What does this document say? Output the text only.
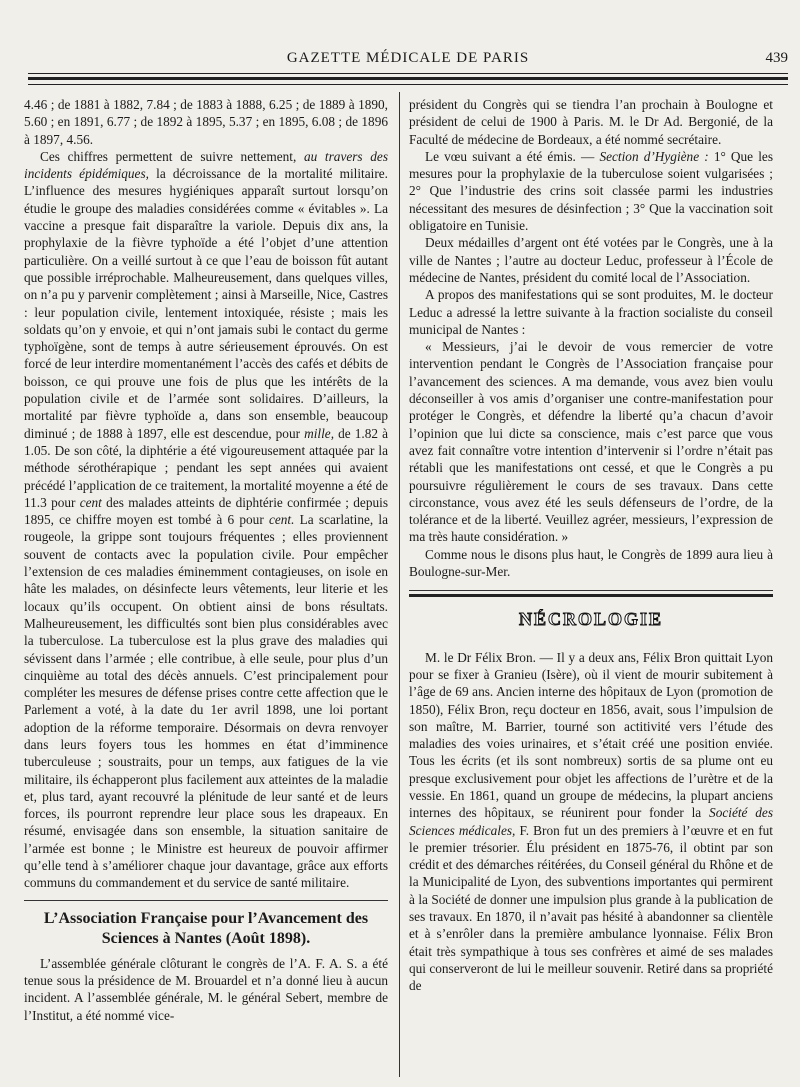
GAZETTE MÉDICALE DE PARIS	439

4.46 ; de 1881 à 1882, 7.84 ; de 1883 à 1888, 6.25 ; de 1889 à 1890, 5.60 ; en 1891, 6.77 ; de 1892 à 1895, 5.37 ; en 1895, 6.08 ; de 1896 à 1897, 4.56.

Ces chiffres permettent de suivre nettement, au travers des incidents épidémiques, la décroissance de la mortalité militaire. L’influence des mesures hygiéniques apparaît surtout lorsqu’on étudie le groupe des maladies considérées comme « évitables ». La vaccine a presque fait disparaître la variole. Depuis dix ans, la prophylaxie de la fièvre typhoïde a été l’objet d’une attention particulière. On a veillé surtout à ce que l’eau de boisson fût autant que possible irréprochable. Malheureusement, dans quelques villes, on n’a pu y parvenir complètement ; ainsi à Marseille, Nice, Castres : leur population civile, lentement intoxiquée, résiste ; mais les soldats qu’on y envoie, et qui n’ont jamais subi le contact du germe typhoïgène, sont de temps à autre sérieusement éprouvés. On est forcé de leur interdire momentanément l’accès des cafés et débits de boisson, ce qui prouve une fois de plus que les intérêts de la population civile et de l’armée sont solidaires. D’ailleurs, la mortalité par fièvre typhoïde a, dans son ensemble, beaucoup diminué ; de 1888 à 1897, elle est descendue, pour mille, de 1.82 à 1.05. De son côté, la diphtérie a été vigoureusement attaquée par la méthode sérothérapique ; pendant les sept années qui avaient précédé l’application de ce traitement, la mortalité moyenne a été de 11.3 pour cent des malades atteints de diphtérie confirmée ; depuis 1895, ce chiffre moyen est tombé à 6 pour cent. La scarlatine, la rougeole, la grippe sont toujours fréquentes ; elles proviennent souvent de contacts avec la population civile. Pour empêcher l’extension de ces maladies éminemment contagieuses, on isole en hâte les malades, on désinfecte leurs vêtements, leur literie et les locaux qu’ils occupent. On obtient ainsi de bons résultats. Malheureusement, les difficultés sont bien plus considérables avec la tuberculose. La tuberculose est la plus grave des maladies qui sévissent dans l’armée ; elle contribue, à elle seule, pour plus d’un cinquième au total des décès annuels. C’est principalement pour compléter les mesures de défense prises contre cette affection que le Parlement a voté, à la date du 1er avril 1898, une loi portant adoption de la réforme temporaire. Désormais on devra renvoyer dans leurs foyers tous les hommes en état d’imminence tuberculeuse ; soustraits, pour un temps, aux fatigues de la vie militaire, ils échapperont plus facilement aux atteintes de la maladie et, plus tard, ayant recouvré la plénitude de leur santé et de leurs forces, ils pourront reprendre leur place sous les drapeaux. En résumé, envisagée dans son ensemble, la situation sanitaire de l’armée est bonne ; le Ministre est heureux de pouvoir affirmer qu’elle tend à s’améliorer chaque jour davantage, grâce aux efforts communs du commandement et du service de santé militaire.

L’Association Française pour l’Avancement des
Sciences à Nantes (Août 1898).

L’assemblée générale clôturant le congrès de l’A. F. A. S. a été tenue sous la présidence de M. Brouardel et n’a donné lieu à aucun incident. A l’assemblée générale, M. le général Sebert, membre de l’Institut, a été nommé vice-

président du Congrès qui se tiendra l’an prochain à Boulogne et président de celui de 1900 à Paris. M. le Dr Ad. Bergonié, de la Faculté de médecine de Bordeaux, a été nommé secrétaire.

Le vœu suivant a été émis. — Section d’Hygiène : 1° Que les mesures pour la prophylaxie de la tuberculose soient vulgarisées ; 2° Que l’industrie des crins soit classée parmi les industries nécessitant des mesures de désinfection ; 3° Que la vaccination soit obligatoire en Tunisie.

Deux médailles d’argent ont été votées par le Congrès, une à la ville de Nantes ; l’autre au docteur Leduc, professeur à l’École de médecine de Nantes, président du comité local de l’Association.

A propos des manifestations qui se sont produites, M. le docteur Leduc a adressé la lettre suivante à la fraction socialiste du conseil municipal de Nantes :

« Messieurs, j’ai le devoir de vous remercier de votre intervention pendant le Congrès de l’Association française pour l’avancement des sciences. A ma demande, vous avez bien voulu déconseiller à vos amis d’organiser une contre-manifestation pour protéger le Congrès, et défendre la liberté qu’a chacun d’avoir l’opinion que lui dicte sa conscience, mais c’est parce que vous avez fait connaître votre intention d’intervenir si l’ordre n’était pas rétabli que les manifestations ont cessé, et que le Congrès a pu poursuivre régulièrement le cours de ses travaux. Dans cette circonstance, vous avez été les seuls défenseurs de l’ordre, de la tolérance et de la liberté. Veuillez agréer, messieurs, l’expression de ma très haute considération. »

Comme nous le disons plus haut, le Congrès de 1899 aura lieu à Boulogne-sur-Mer.

NÉCROLOGIE

M. le Dr Félix Bron. — Il y a deux ans, Félix Bron quittait Lyon pour se fixer à Granieu (Isère), où il vient de mourir subitement à l’âge de 69 ans. Ancien interne des hôpitaux de Lyon (promotion de 1850), Félix Bron, reçu docteur en 1856, avait, sous l’impulsion de son maître, M. Barrier, tourné son actitivité vers l’étude des maladies des voies urinaires, et s’était créé une position enviée. Tous les écrits (et ils sont nombreux) sortis de sa plume ont eu presque exclusivement pour objet les affections de l’urètre et de la vessie. En 1861, quand un groupe de médecins, la plupart anciens internes des hôpitaux, se réunirent pour fonder la Société des Sciences médicales, F. Bron fut un des premiers à l’œuvre et en fut le premier trésorier. Élu président en 1875-76, il obtint par son crédit et des démarches réitérées, du Conseil général du Rhône et de la Municipalité de Lyon, des subventions importantes qui permirent à la Société de donner une impulsion plus grande à la publication de ses travaux. En 1870, il n’avait pas hésité à abandonner sa clientèle et à s’enrôler dans la première ambulance lyonnaise. Félix Bron était très sympathique à tous ses confrères et aimé de ses malades qui conserveront de lui le meilleur souvenir. Retiré dans sa propriété de
